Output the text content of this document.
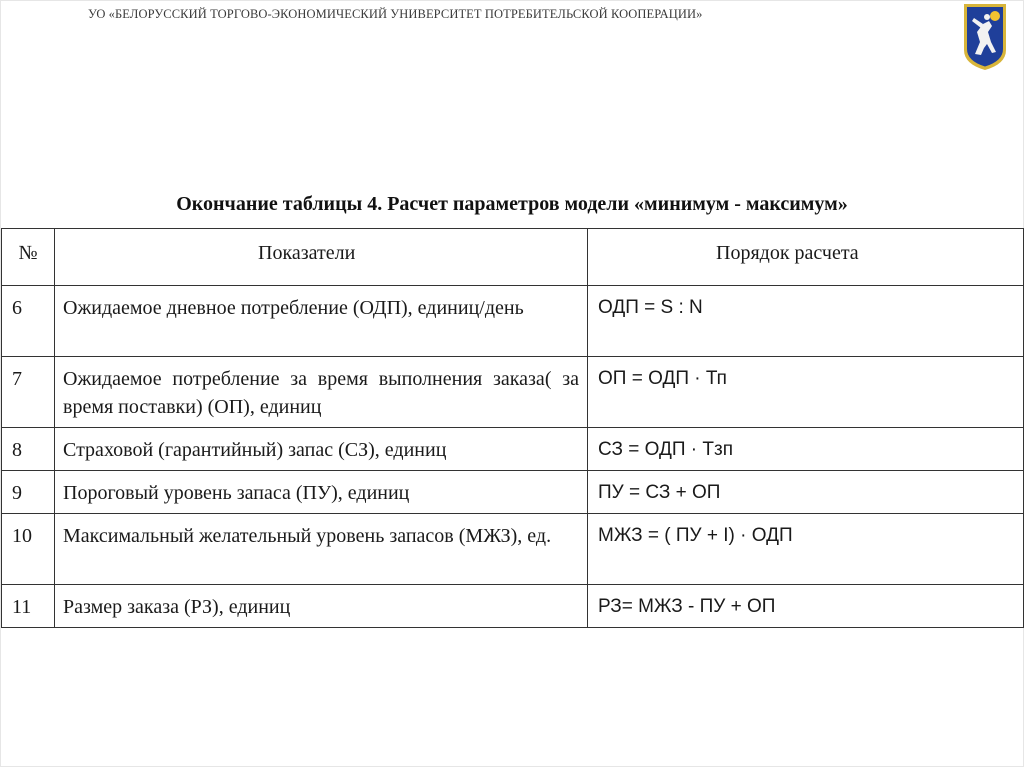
УО «БЕЛОРУССКИЙ ТОРГОВО-ЭКОНОМИЧЕСКИЙ УНИВЕРСИТЕТ ПОТРЕБИТЕЛЬСКОЙ КООПЕРАЦИИ»
Окончание таблицы 4. Расчет параметров модели «минимум - максимум»
№	Показатели	Порядок расчета
6	Ожидаемое дневное потребление (ОДП), единиц/день	ОДП = S : N
7	Ожидаемое потребление за время выполнения заказа( за время поставки) (ОП), единиц	ОП = ОДП · Тп
8	Страховой (гарантийный) запас (СЗ), единиц	СЗ = ОДП · Тзп
9	Пороговый уровень запаса (ПУ), единиц	ПУ = СЗ + ОП
10	Максимальный желательный уровень запасов (МЖЗ), ед.	МЖЗ = ( ПУ + I) · ОДП
11	Размер заказа (РЗ), единиц	РЗ= МЖЗ - ПУ + ОП
